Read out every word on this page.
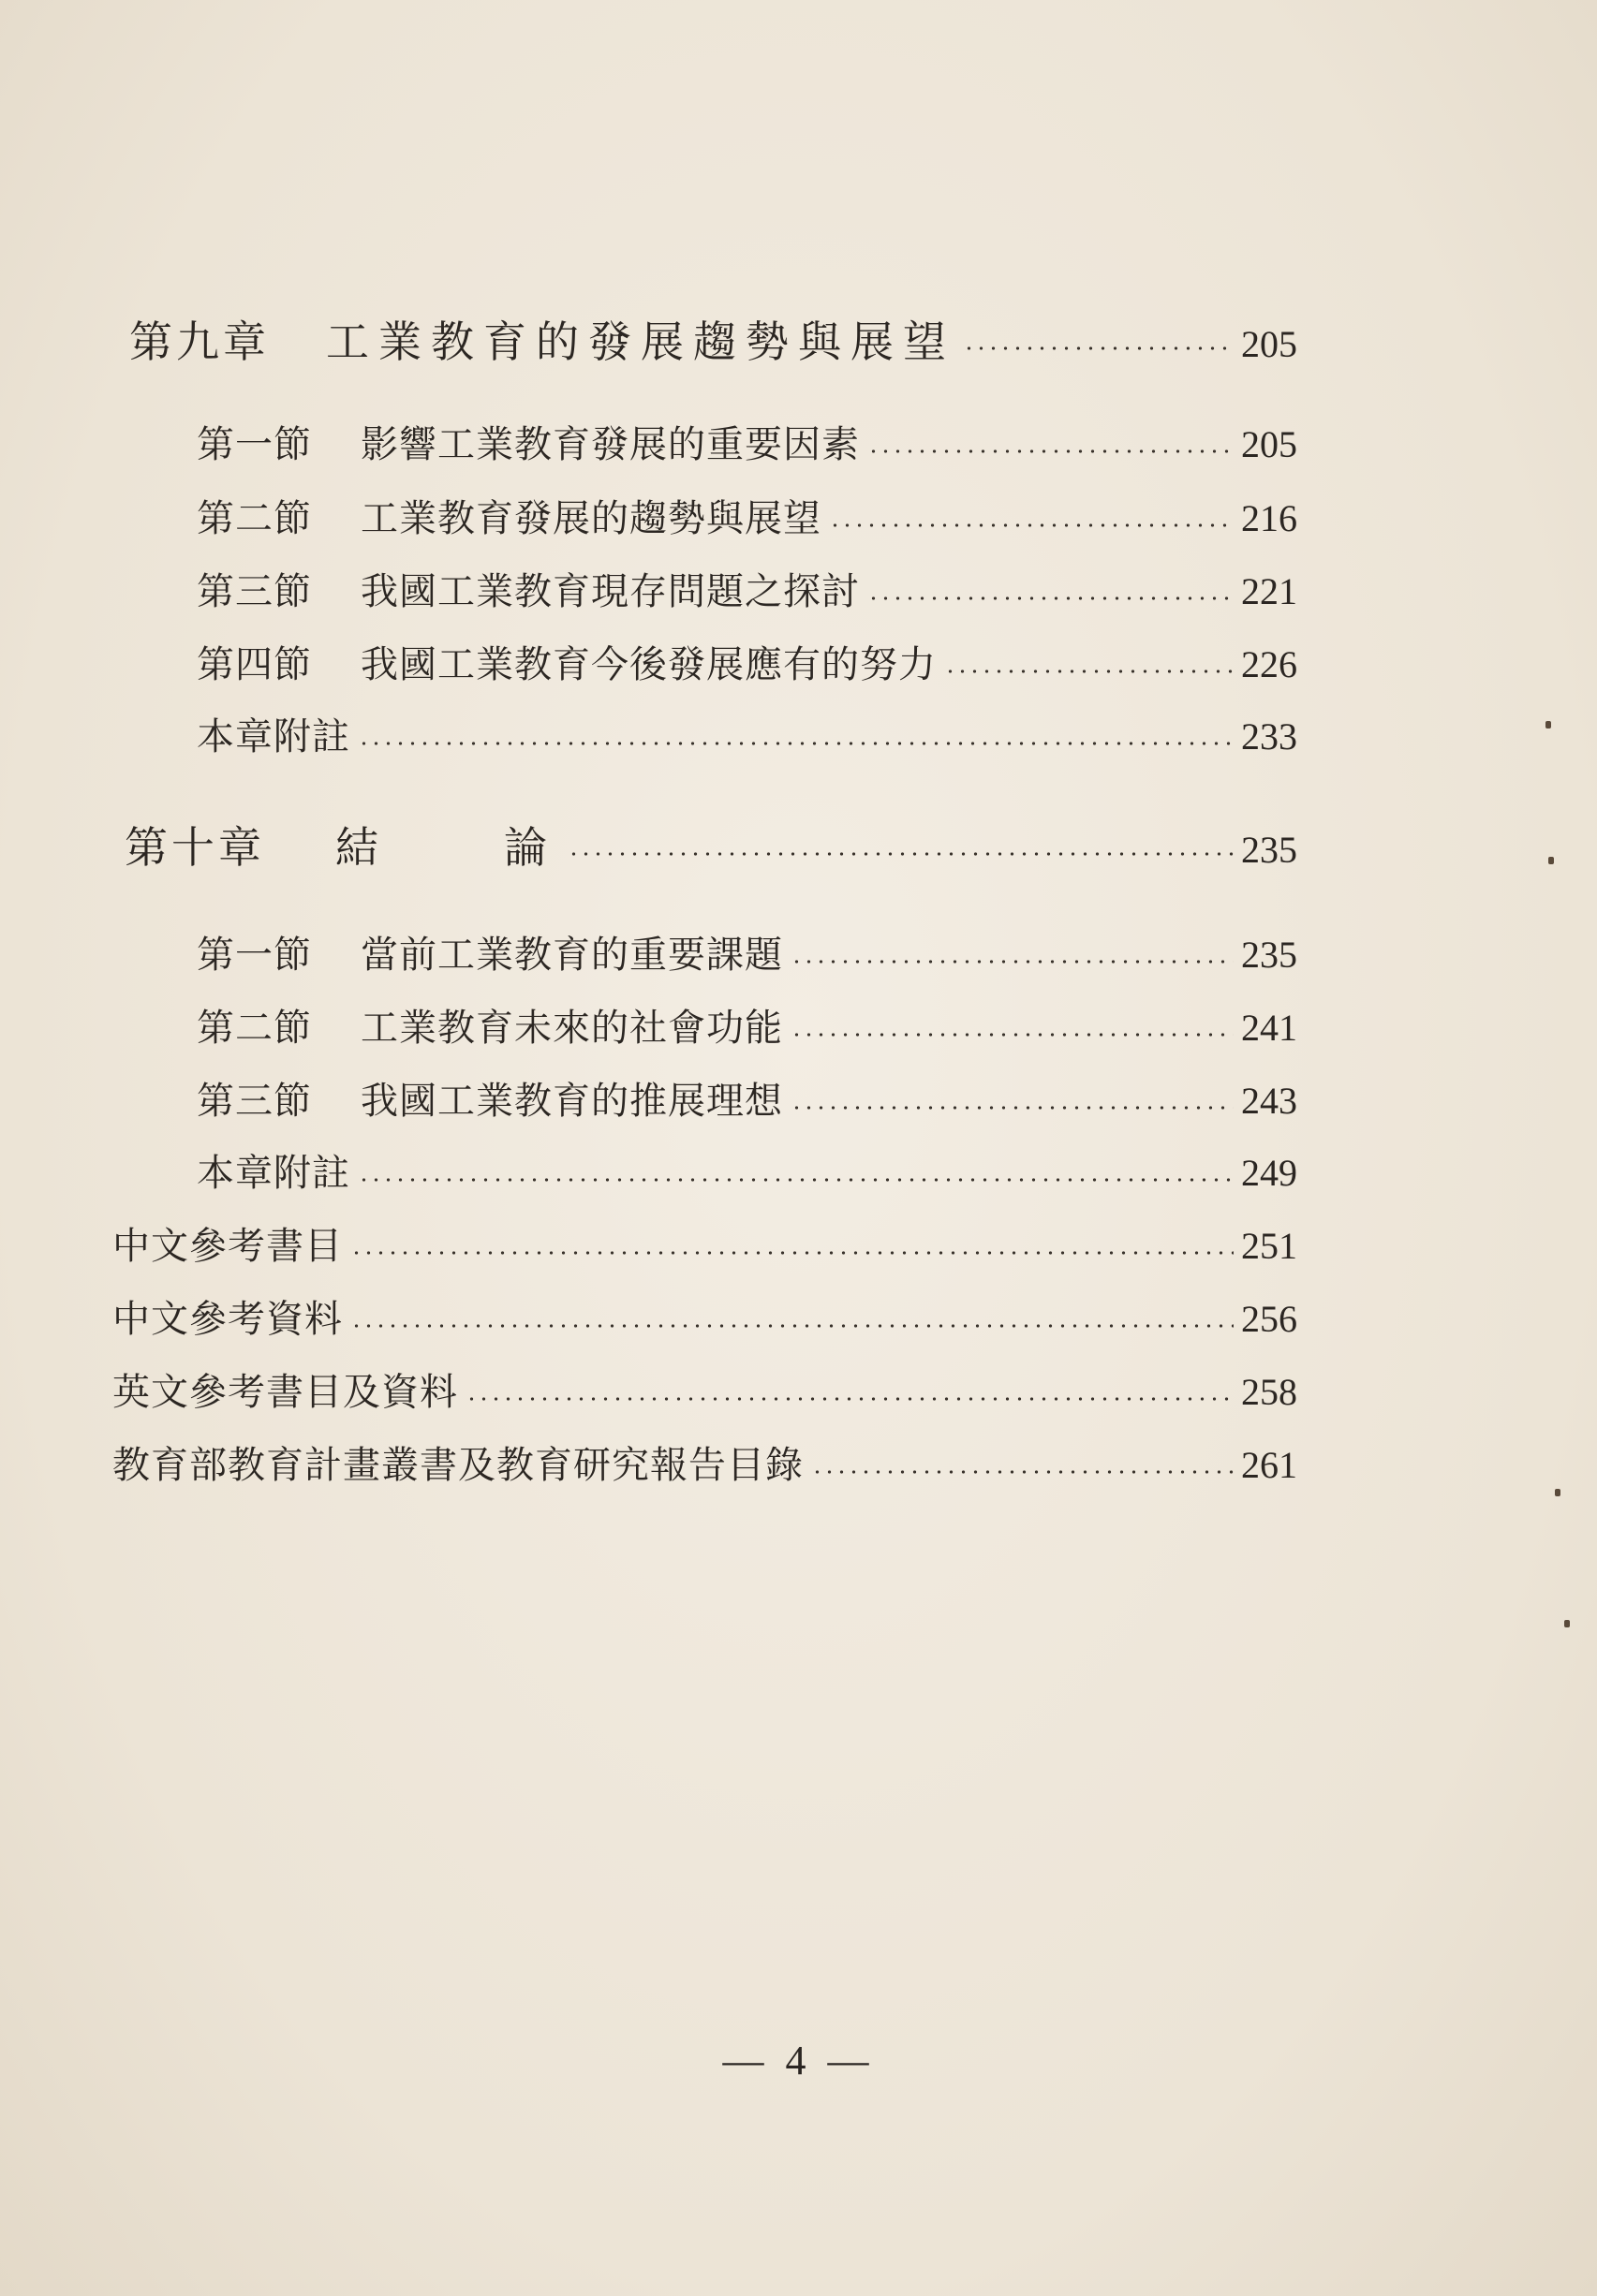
第九章	工業教育的發展趨勢與展望	205
第一節	影響工業教育發展的重要因素	205
第二節	工業教育發展的趨勢與展望	216
第三節	我國工業教育現存問題之探討	221
第四節	我國工業教育今後發展應有的努力	226
本章附註	233
第十章	結　　論	235
第一節	當前工業教育的重要課題	235
第二節	工業教育未來的社會功能	241
第三節	我國工業教育的推展理想	243
本章附註	249
中文參考書目	251
中文參考資料	256
英文參考書目及資料	258
教育部教育計畫叢書及教育研究報告目錄	261
— 4 —
